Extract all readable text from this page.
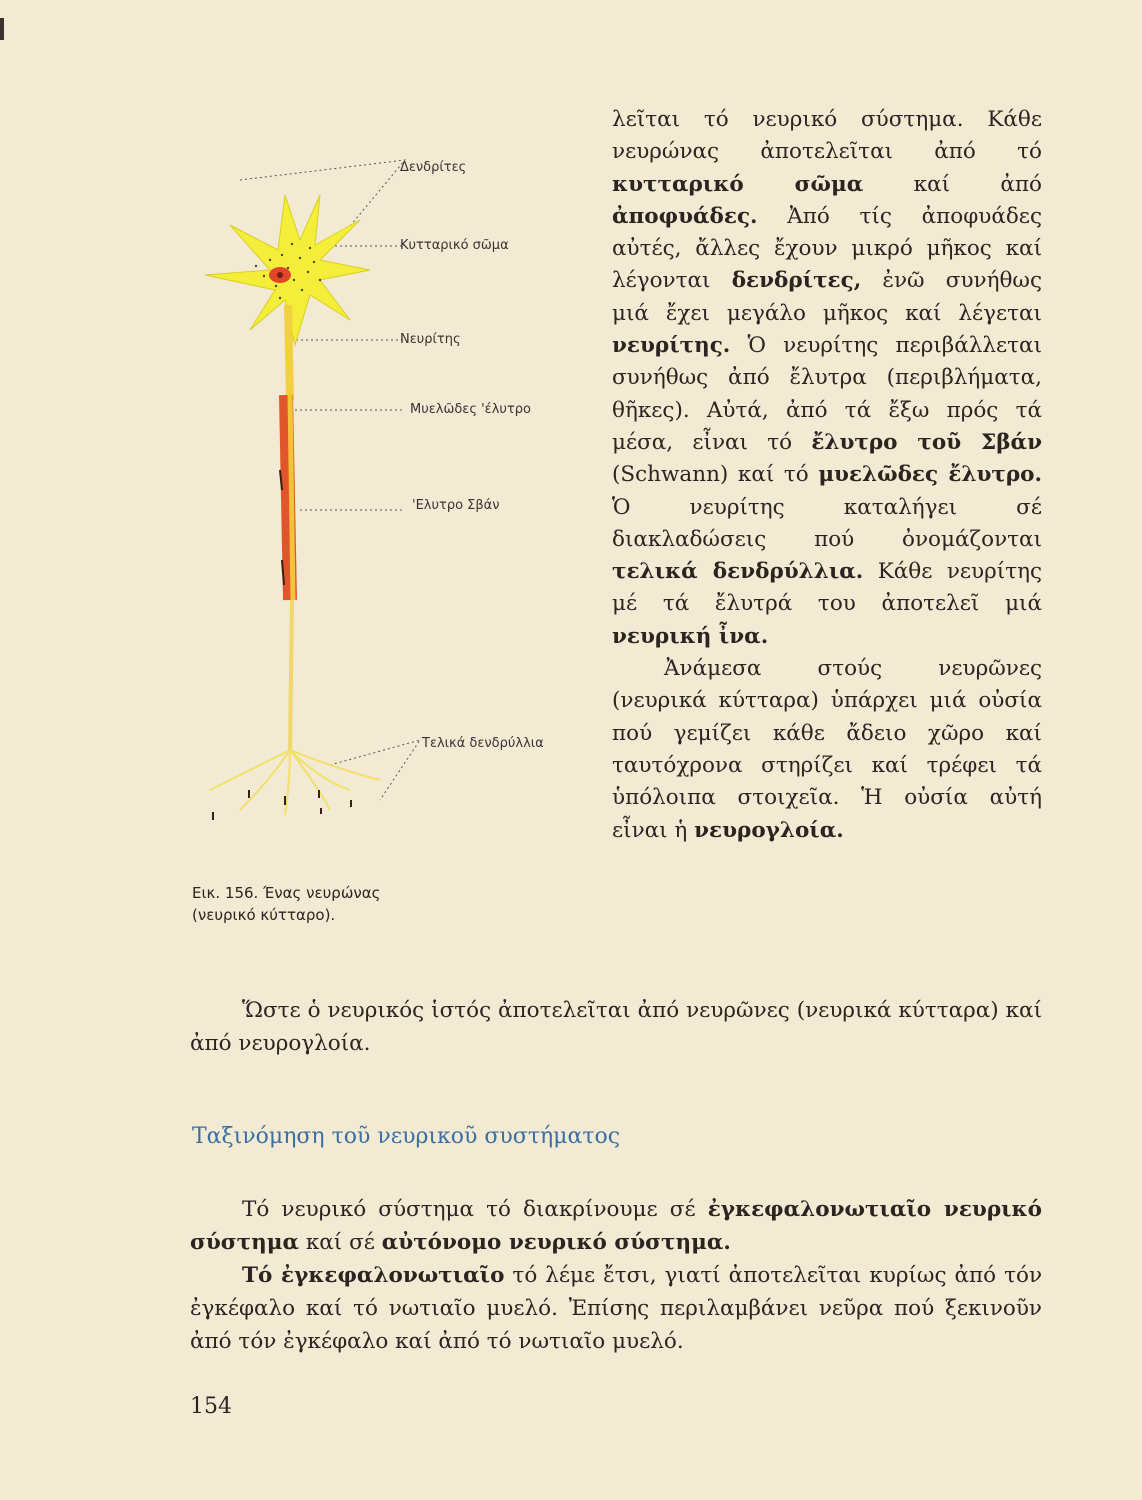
Δενδρίτες
Κυτταρικό σῶμα
Νευρίτης
Μυελῶδες 'έλυτρο
'Ελυτρο Σβάν
Τελικά δενδρύλλια
Εικ. 156. Ένας νευρώνας
(νευρικό κύτταρο).

λεῖται τό νευρικό σύστημα. Κάθε νευρώνας ἀποτελεῖται ἀπό τό κυτταρικό σῶμα καί ἀπό ἀποφυάδες. Ἀπό τίς ἀποφυάδες αὐτές, ἄλλες ἔχουν μικρό μῆκος καί λέγονται δενδρίτες, ἐνῶ συνήθως μιά ἔχει μεγάλο μῆκος καί λέγεται νευρίτης. Ὁ νευρίτης περιβάλλεται συνήθως ἀπό ἔλυτρα (περιβλήματα, θῆκες). Αὐτά, ἀπό τά ἔξω πρός τά μέσα, εἶναι τό ἔλυτρο τοῦ Σβάν (Schwann) καί τό μυελῶδες ἔλυτρο. Ὁ νευρίτης καταλήγει σέ διακλαδώσεις πού ὀνομάζονται τελικά δενδρύλλια. Κάθε νευρίτης μέ τά ἔλυτρά του ἀποτελεῖ μιά νευρική ἶνα.

Ἀνάμεσα στούς νευρῶνες (νευρικά κύτταρα) ὑπάρχει μιά οὐσία πού γεμίζει κάθε ἄδειο χῶρο καί ταυτόχρονα στηρίζει καί τρέφει τά ὑπόλοιπα στοιχεῖα. Ἡ οὐσία αὐτή εἶναι ἡ νευρογλοία.

Ὥστε ὁ νευρικός ἱστός ἀποτελεῖται ἀπό νευρῶνες (νευρικά κύτταρα) καί ἀπό νευρογλοία.

Ταξινόμηση τοῦ νευρικοῦ συστήματος

Τό νευρικό σύστημα τό διακρίνουμε σέ ἐγκεφαλονωτιαῖο νευρικό σύστημα καί σέ αὐτόνομο νευρικό σύστημα.

Τό ἐγκεφαλονωτιαῖο τό λέμε ἔτσι, γιατί ἀποτελεῖται κυρίως ἀπό τόν ἐγκέφαλο καί τό νωτιαῖο μυελό. Ἐπίσης περιλαμβάνει νεῦρα πού ξεκινοῦν ἀπό τόν ἐγκέφαλο καί ἀπό τό νωτιαῖο μυελό.

154
